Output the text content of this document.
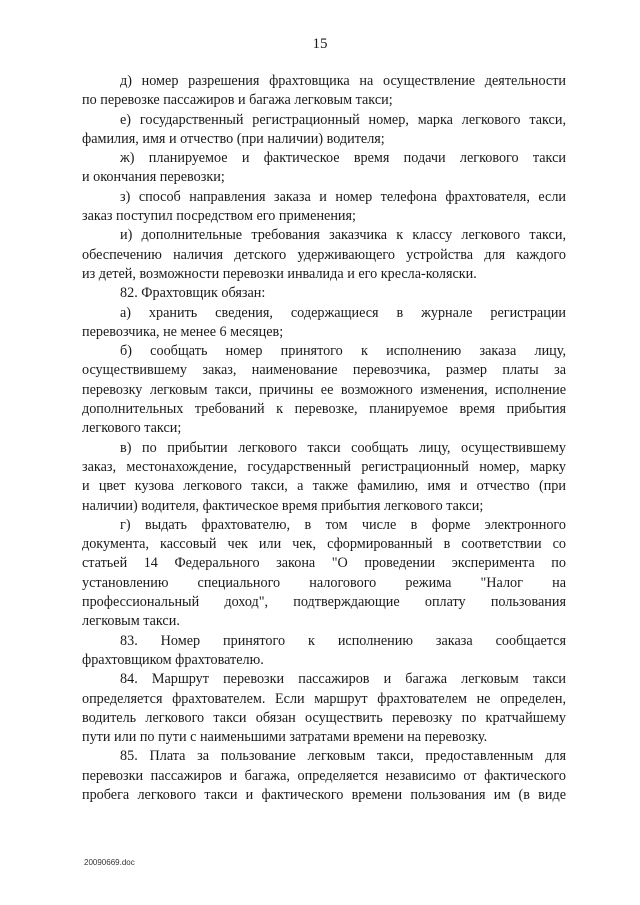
15
д) номер разрешения фрахтовщика на осуществление деятельности
по перевозке пассажиров и багажа легковым такси;
е) государственный регистрационный номер, марка легкового такси,
фамилия, имя и отчество (при наличии) водителя;
ж) планируемое и фактическое время подачи легкового такси
и окончания перевозки;
з) способ направления заказа и номер телефона фрахтователя, если
заказ поступил посредством его применения;
и) дополнительные требования заказчика к классу легкового такси,
обеспечению наличия детского удерживающего устройства для каждого
из детей, возможности перевозки инвалида и его кресла-коляски.
82. Фрахтовщик обязан:
а) хранить сведения, содержащиеся в журнале регистрации
перевозчика, не менее 6 месяцев;
б) сообщать номер принятого к исполнению заказа лицу,
осуществившему заказ, наименование перевозчика, размер платы за
перевозку легковым такси, причины ее возможного изменения, исполнение
дополнительных требований к перевозке, планируемое время прибытия
легкового такси;
в) по прибытии легкового такси сообщать лицу, осуществившему
заказ, местонахождение, государственный регистрационный номер, марку
и цвет кузова легкового такси, а также фамилию, имя и отчество (при
наличии) водителя, фактическое время прибытия легкового такси;
г) выдать фрахтователю, в том числе в форме электронного
документа, кассовый чек или чек, сформированный в соответствии со
статьей 14 Федерального закона "О проведении эксперимента по
установлению специального налогового режима "Налог на
профессиональный доход", подтверждающие оплату пользования
легковым такси.
83. Номер принятого к исполнению заказа сообщается
фрахтовщиком фрахтователю.
84. Маршрут перевозки пассажиров и багажа легковым такси
определяется фрахтователем. Если маршрут фрахтователем не определен,
водитель легкового такси обязан осуществить перевозку по кратчайшему
пути или по пути с наименьшими затратами времени на перевозку.
85. Плата за пользование легковым такси, предоставленным для
перевозки пассажиров и багажа, определяется независимо от фактического
пробега легкового такси и фактического времени пользования им (в виде
20090669.doc
